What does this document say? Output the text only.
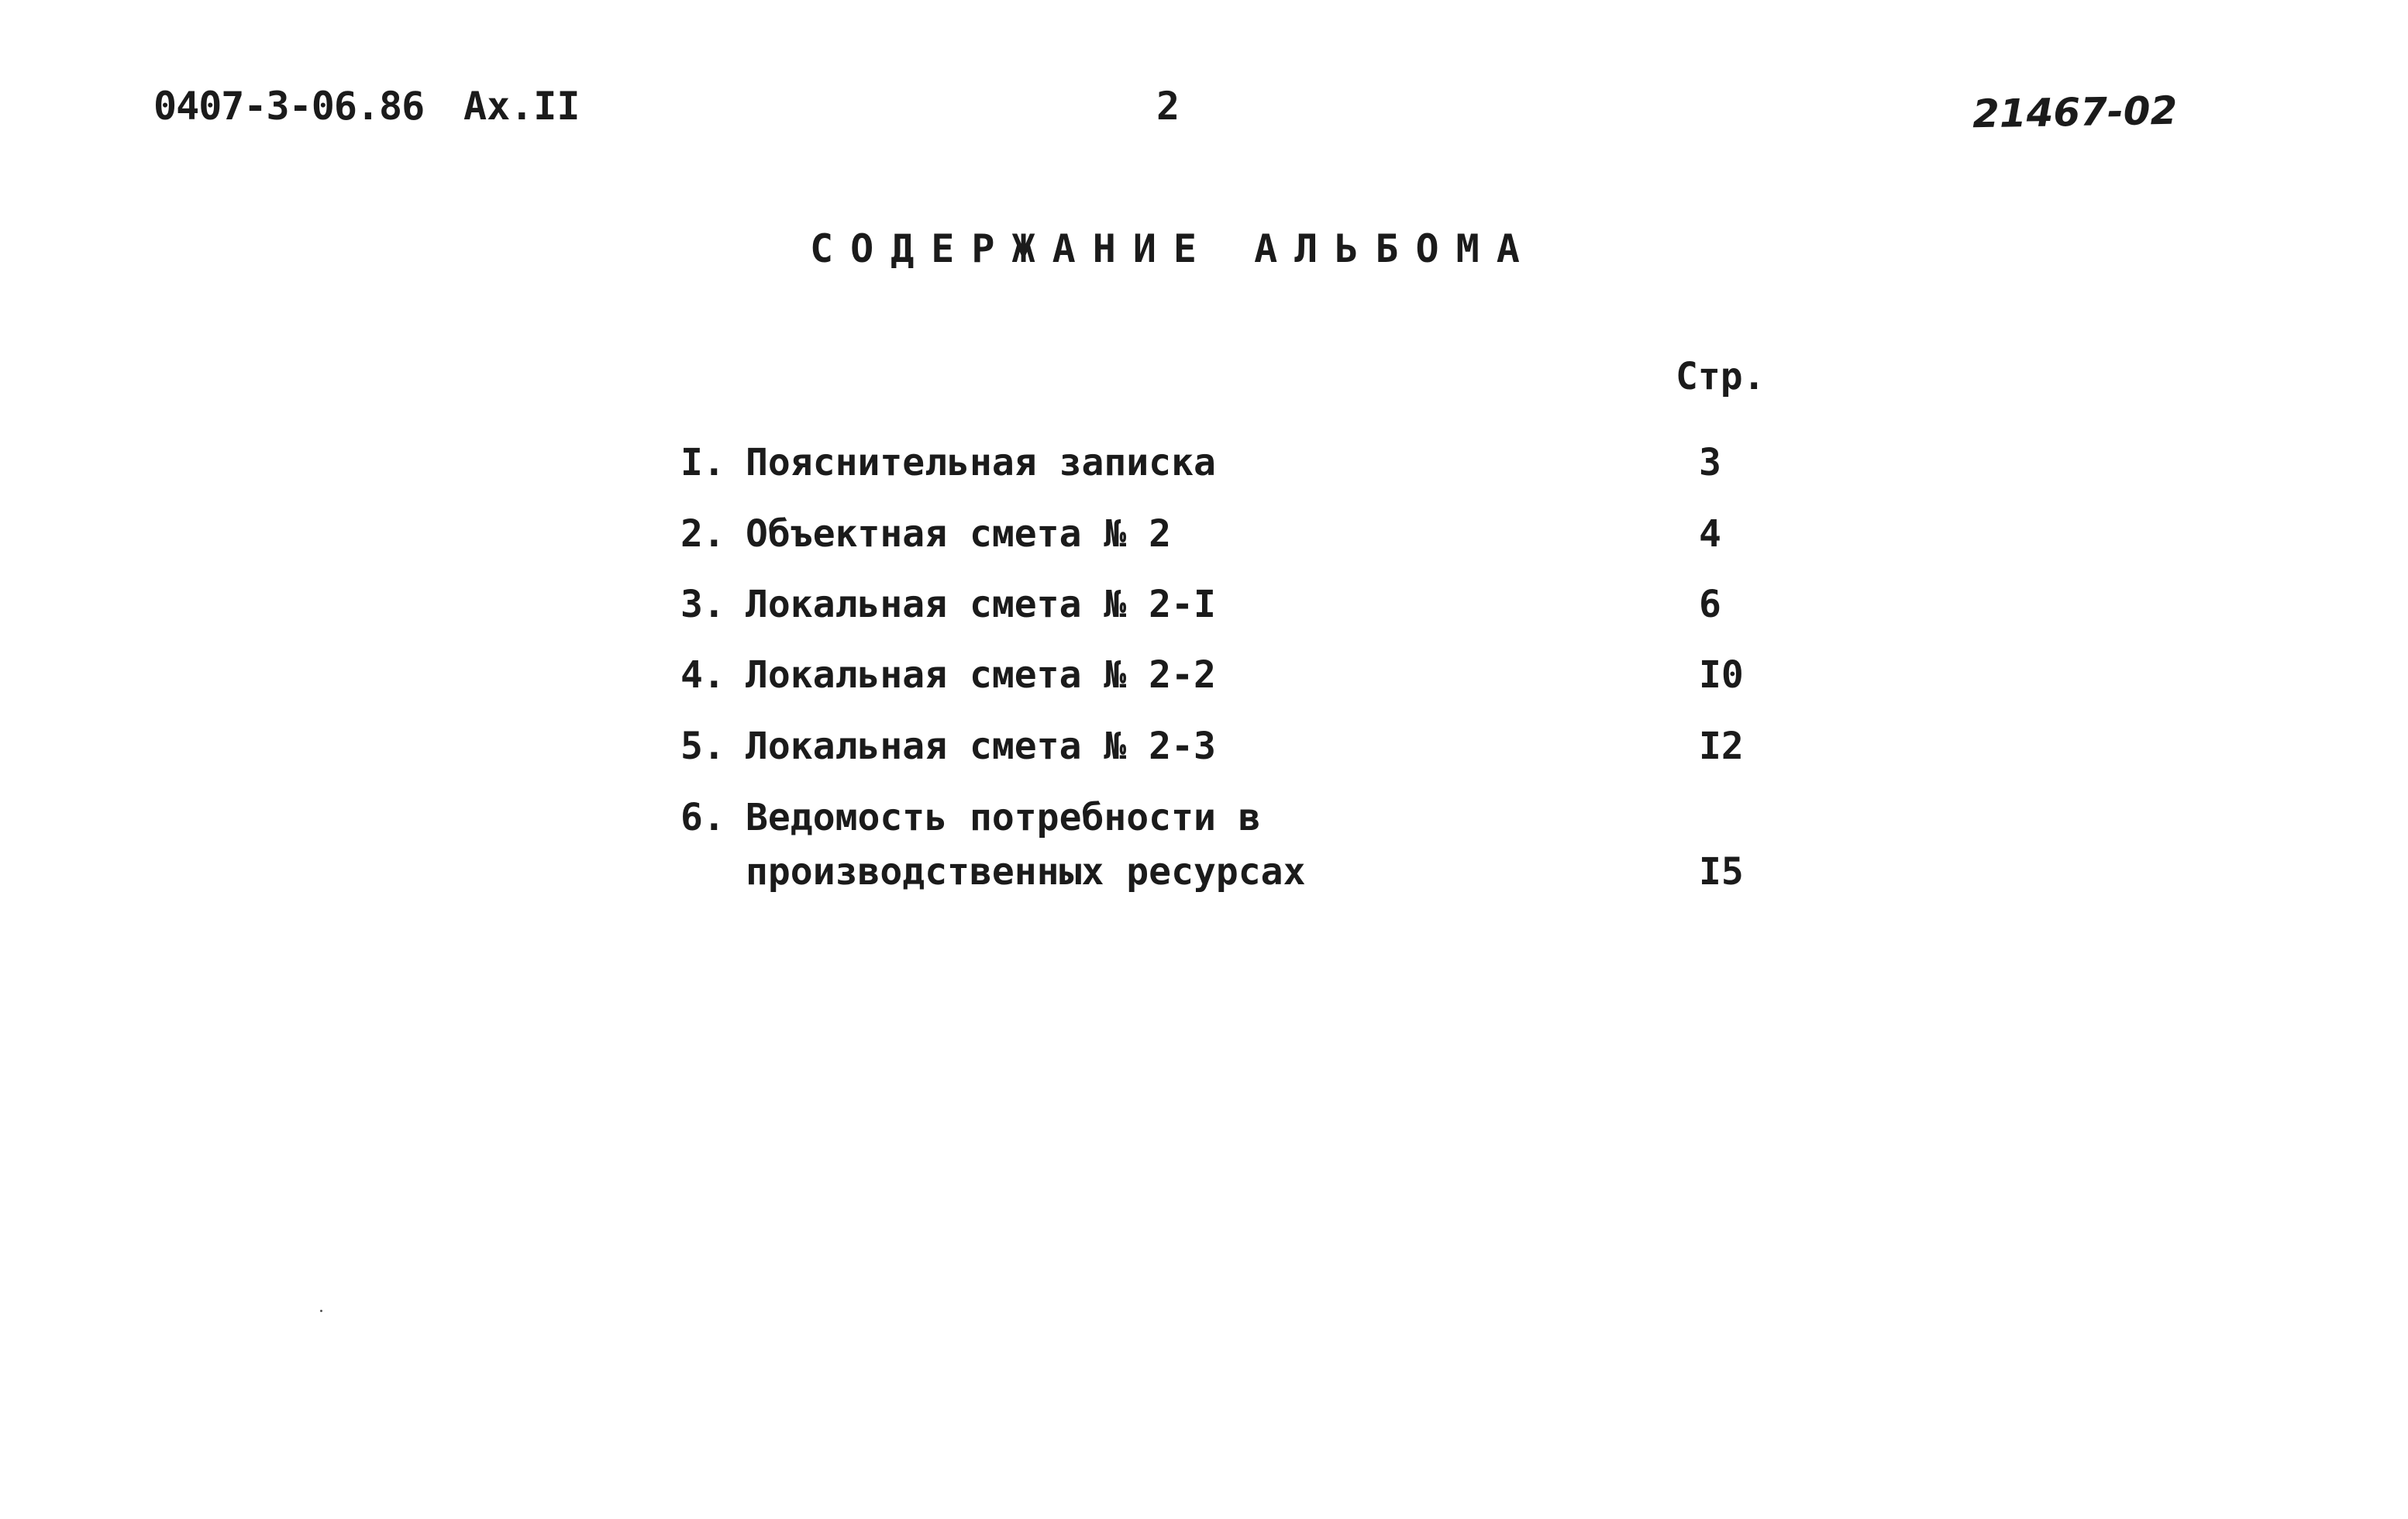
0407-3-06.86 Ах.II	2	21467-02
СОДЕРЖАНИЕ АЛЬБОМА
Стр.
I. Пояснительная записка	3
2. Объектная смета № 2	4
3. Локальная смета № 2-I	6
4. Локальная смета № 2-2	I0
5. Локальная смета № 2-3	I2
6. Ведомость потребности в
производственных ресурсах	I5
